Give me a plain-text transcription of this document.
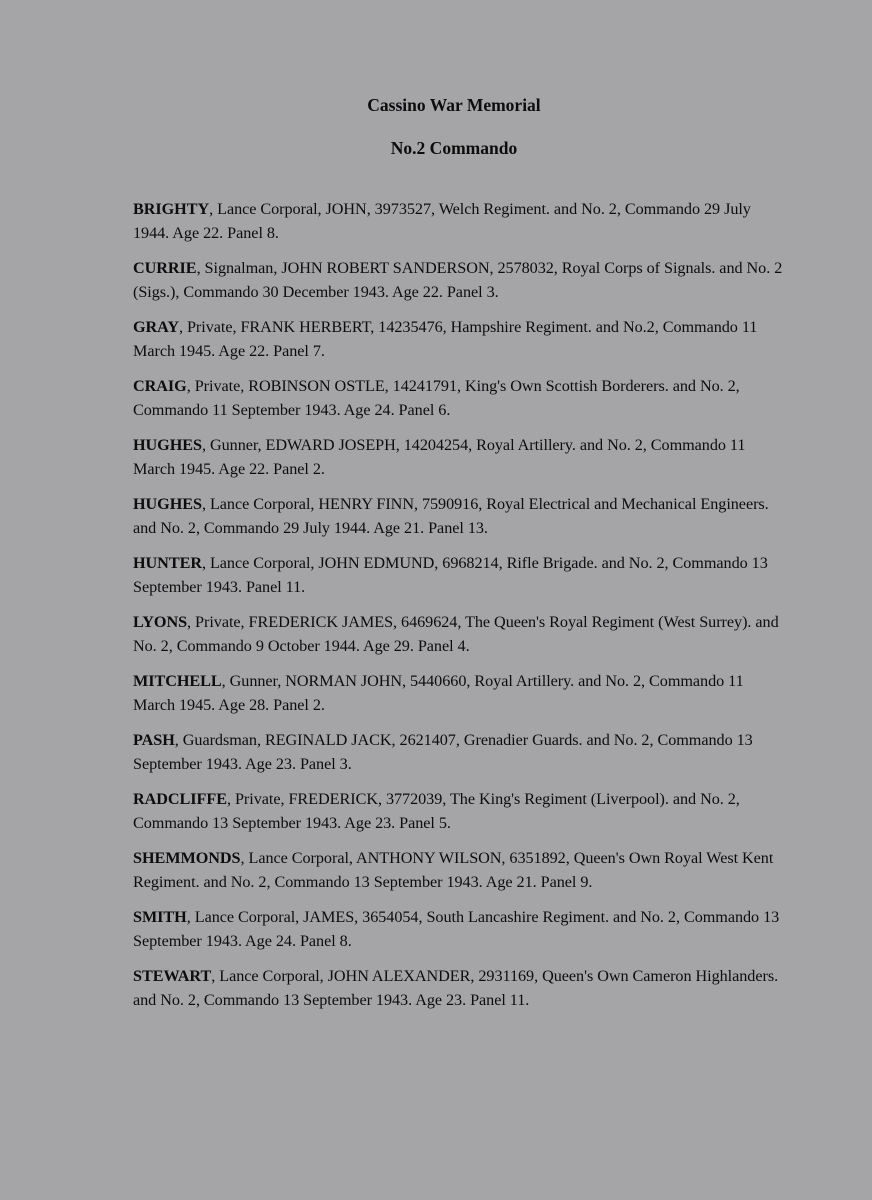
Cassino War Memorial
No.2 Commando
BRIGHTY, Lance Corporal, JOHN, 3973527, Welch Regiment. and No. 2, Commando 29 July 1944. Age 22. Panel 8.
CURRIE, Signalman, JOHN ROBERT SANDERSON, 2578032, Royal Corps of Signals. and No. 2 (Sigs.), Commando 30 December 1943. Age 22. Panel 3.
GRAY, Private, FRANK HERBERT, 14235476, Hampshire Regiment. and No.2, Commando 11 March 1945. Age 22. Panel 7.
CRAIG, Private, ROBINSON OSTLE, 14241791, King's Own Scottish Borderers. and No. 2, Commando 11 September 1943. Age 24. Panel 6.
HUGHES, Gunner, EDWARD JOSEPH, 14204254, Royal Artillery. and No. 2, Commando 11 March 1945. Age 22. Panel 2.
HUGHES, Lance Corporal, HENRY FINN, 7590916, Royal Electrical and Mechanical Engineers. and No. 2, Commando 29 July 1944. Age 21. Panel 13.
HUNTER, Lance Corporal, JOHN EDMUND, 6968214, Rifle Brigade. and No. 2, Commando 13 September 1943. Panel 11.
LYONS, Private, FREDERICK JAMES, 6469624, The Queen's Royal Regiment (West Surrey). and No. 2, Commando 9 October 1944. Age 29. Panel 4.
MITCHELL, Gunner, NORMAN JOHN, 5440660, Royal Artillery. and No. 2, Commando 11 March 1945. Age 28. Panel 2.
PASH, Guardsman, REGINALD JACK, 2621407, Grenadier Guards. and No. 2, Commando 13 September 1943. Age 23. Panel 3.
RADCLIFFE, Private, FREDERICK, 3772039, The King's Regiment (Liverpool). and No. 2, Commando 13 September 1943. Age 23. Panel 5.
SHEMMONDS, Lance Corporal, ANTHONY WILSON, 6351892, Queen's Own Royal West Kent Regiment. and No. 2, Commando 13 September 1943. Age 21. Panel 9.
SMITH, Lance Corporal, JAMES, 3654054, South Lancashire Regiment. and No. 2, Commando 13 September 1943. Age 24. Panel 8.
STEWART, Lance Corporal, JOHN ALEXANDER, 2931169, Queen's Own Cameron Highlanders. and No. 2, Commando 13 September 1943. Age 23. Panel 11.
